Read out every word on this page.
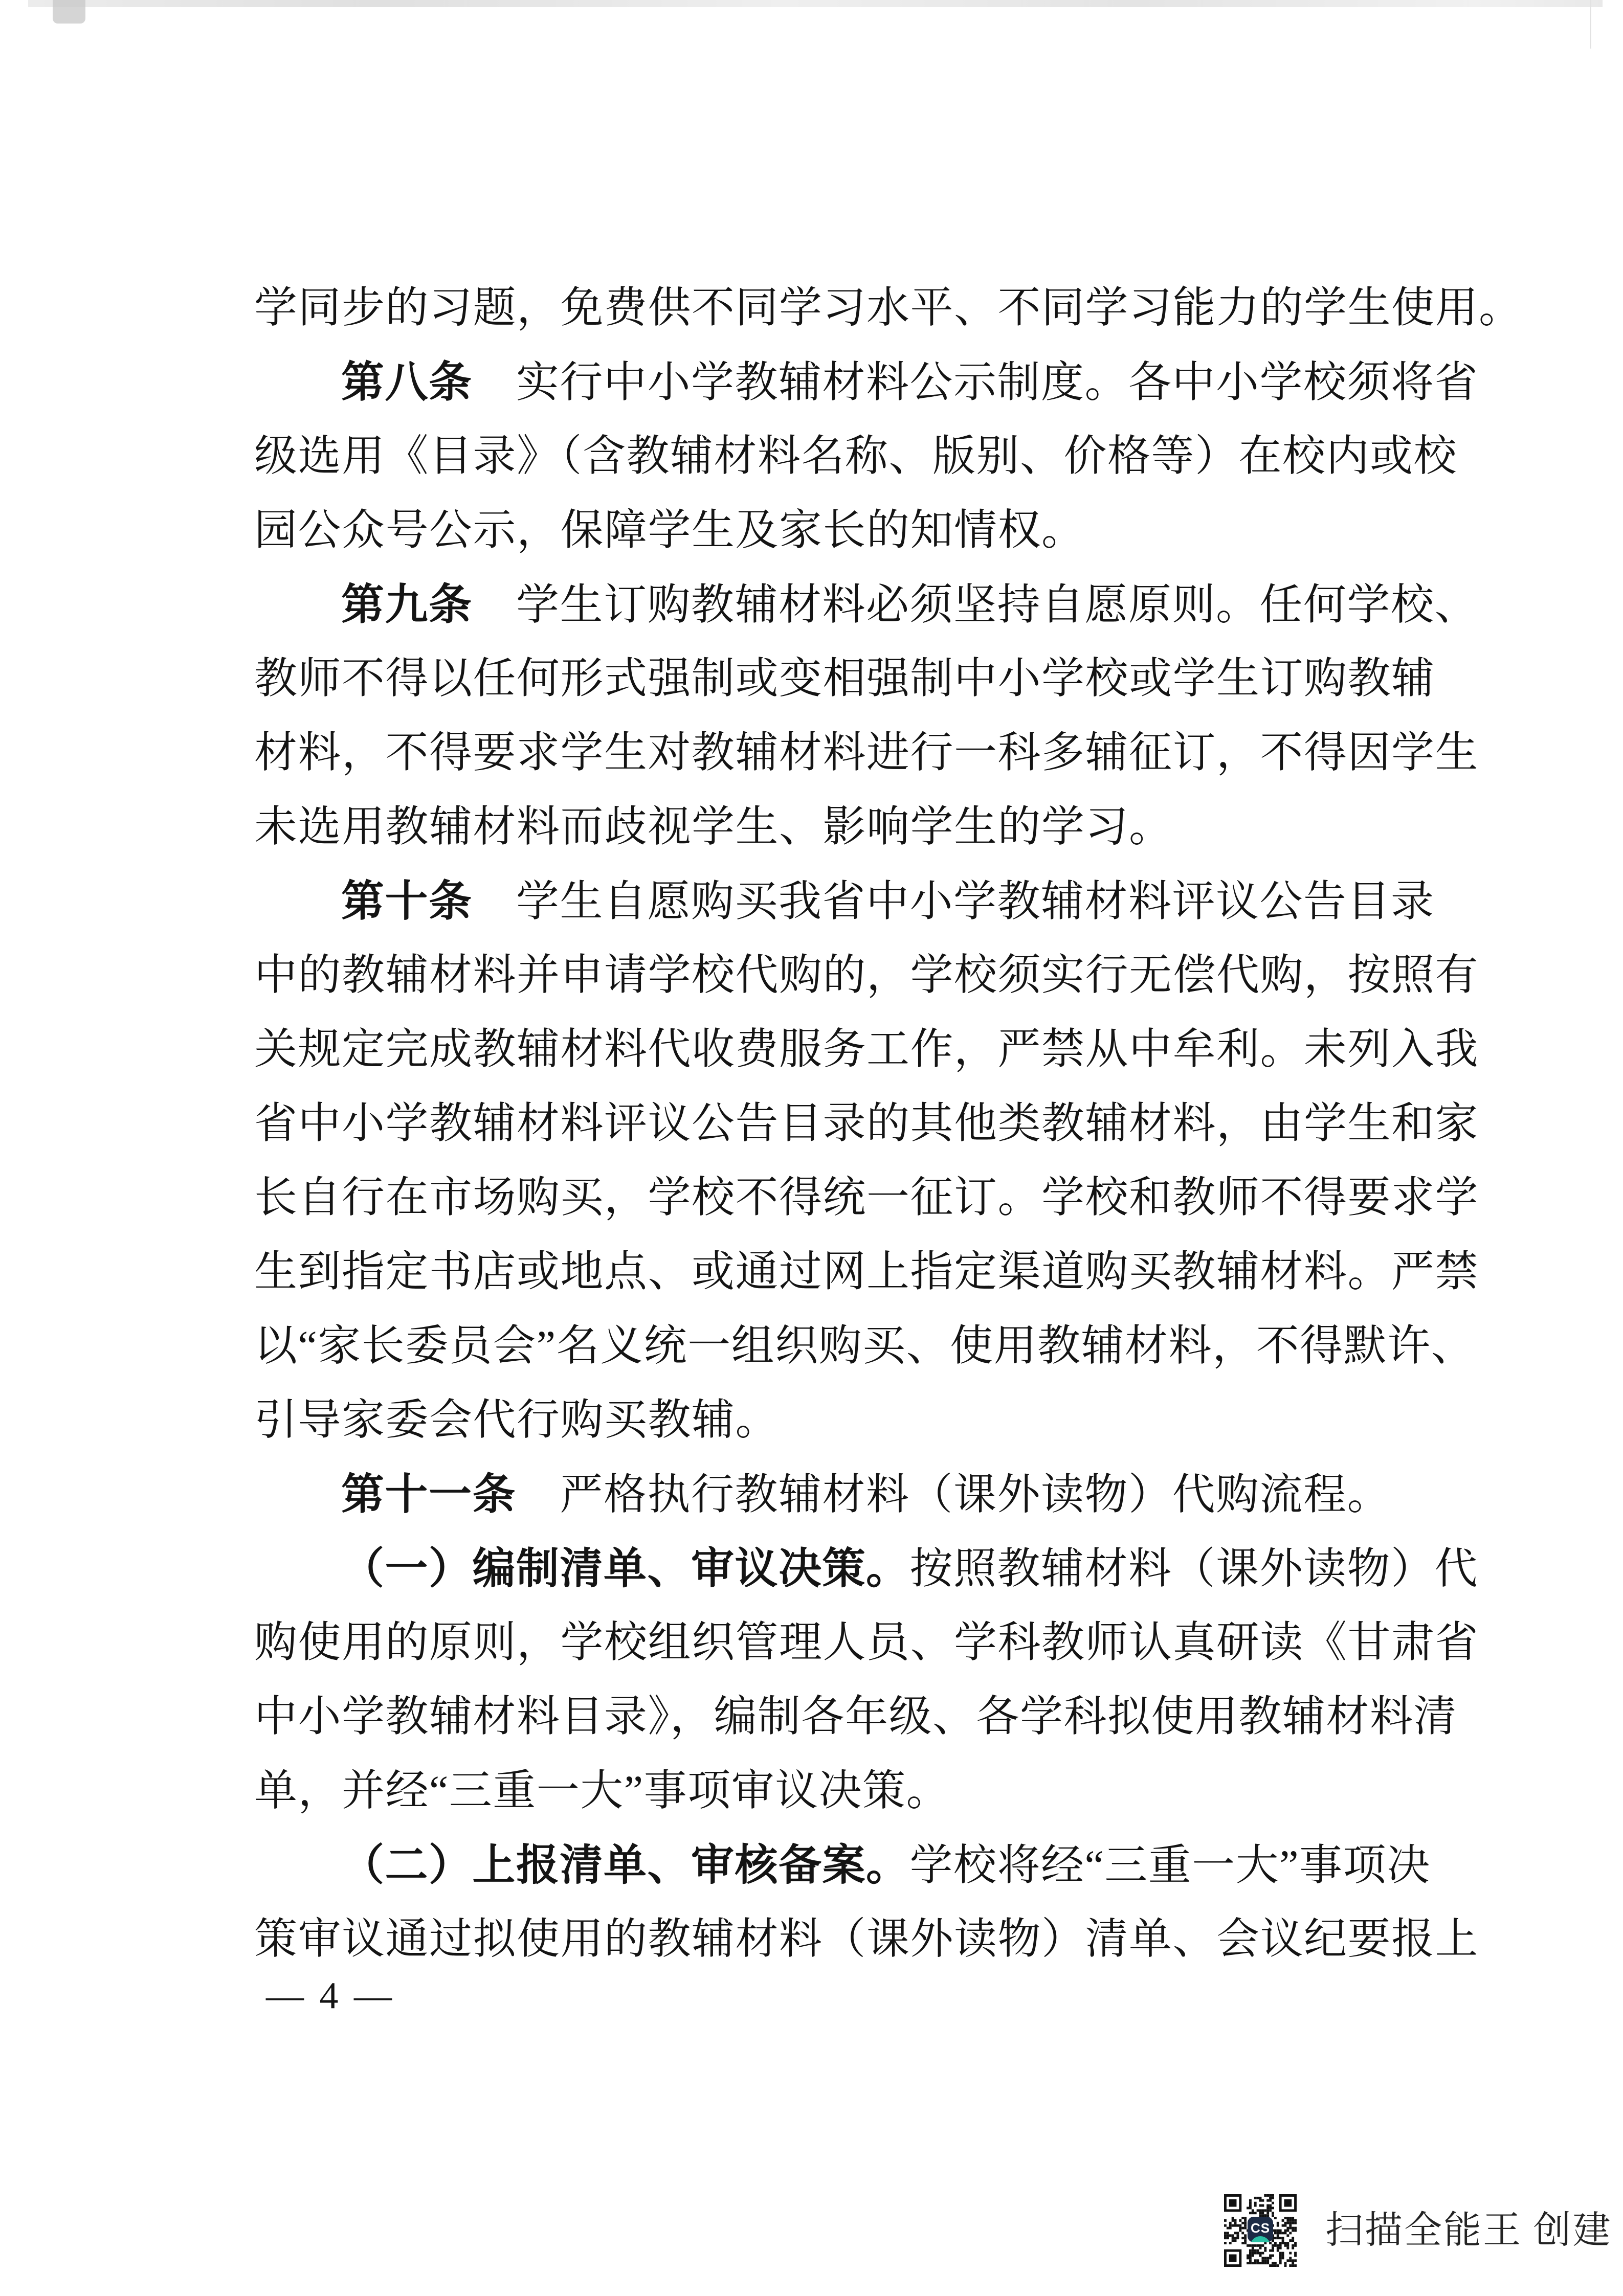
学同步的习题，免费供不同学习水平、不同学习能力的学生使用。
第八条　实行中小学教辅材料公示制度。各中小学校须将省
级选用《目录》（含教辅材料名称、版别、价格等）在校内或校
园公众号公示，保障学生及家长的知情权。
第九条　学生订购教辅材料必须坚持自愿原则。任何学校、
教师不得以任何形式强制或变相强制中小学校或学生订购教辅
材料，不得要求学生对教辅材料进行一科多辅征订，不得因学生
未选用教辅材料而歧视学生、影响学生的学习。
第十条　学生自愿购买我省中小学教辅材料评议公告目录
中的教辅材料并申请学校代购的，学校须实行无偿代购，按照有
关规定完成教辅材料代收费服务工作，严禁从中牟利。未列入我
省中小学教辅材料评议公告目录的其他类教辅材料，由学生和家
长自行在市场购买，学校不得统一征订。学校和教师不得要求学
生到指定书店或地点、或通过网上指定渠道购买教辅材料。严禁
以“家长委员会”名义统一组织购买、使用教辅材料，不得默许、
引导家委会代行购买教辅。
第十一条　严格执行教辅材料（课外读物）代购流程。
（一）编制清单、审议决策。按照教辅材料（课外读物）代
购使用的原则，学校组织管理人员、学科教师认真研读《甘肃省
中小学教辅材料目录》，编制各年级、各学科拟使用教辅材料清
单，并经“三重一大”事项审议决策。
（二）上报清单、审核备案。学校将经“三重一大”事项决
策审议通过拟使用的教辅材料（课外读物）清单、会议纪要报上
— 4 —
CS 扫描全能王 创建
